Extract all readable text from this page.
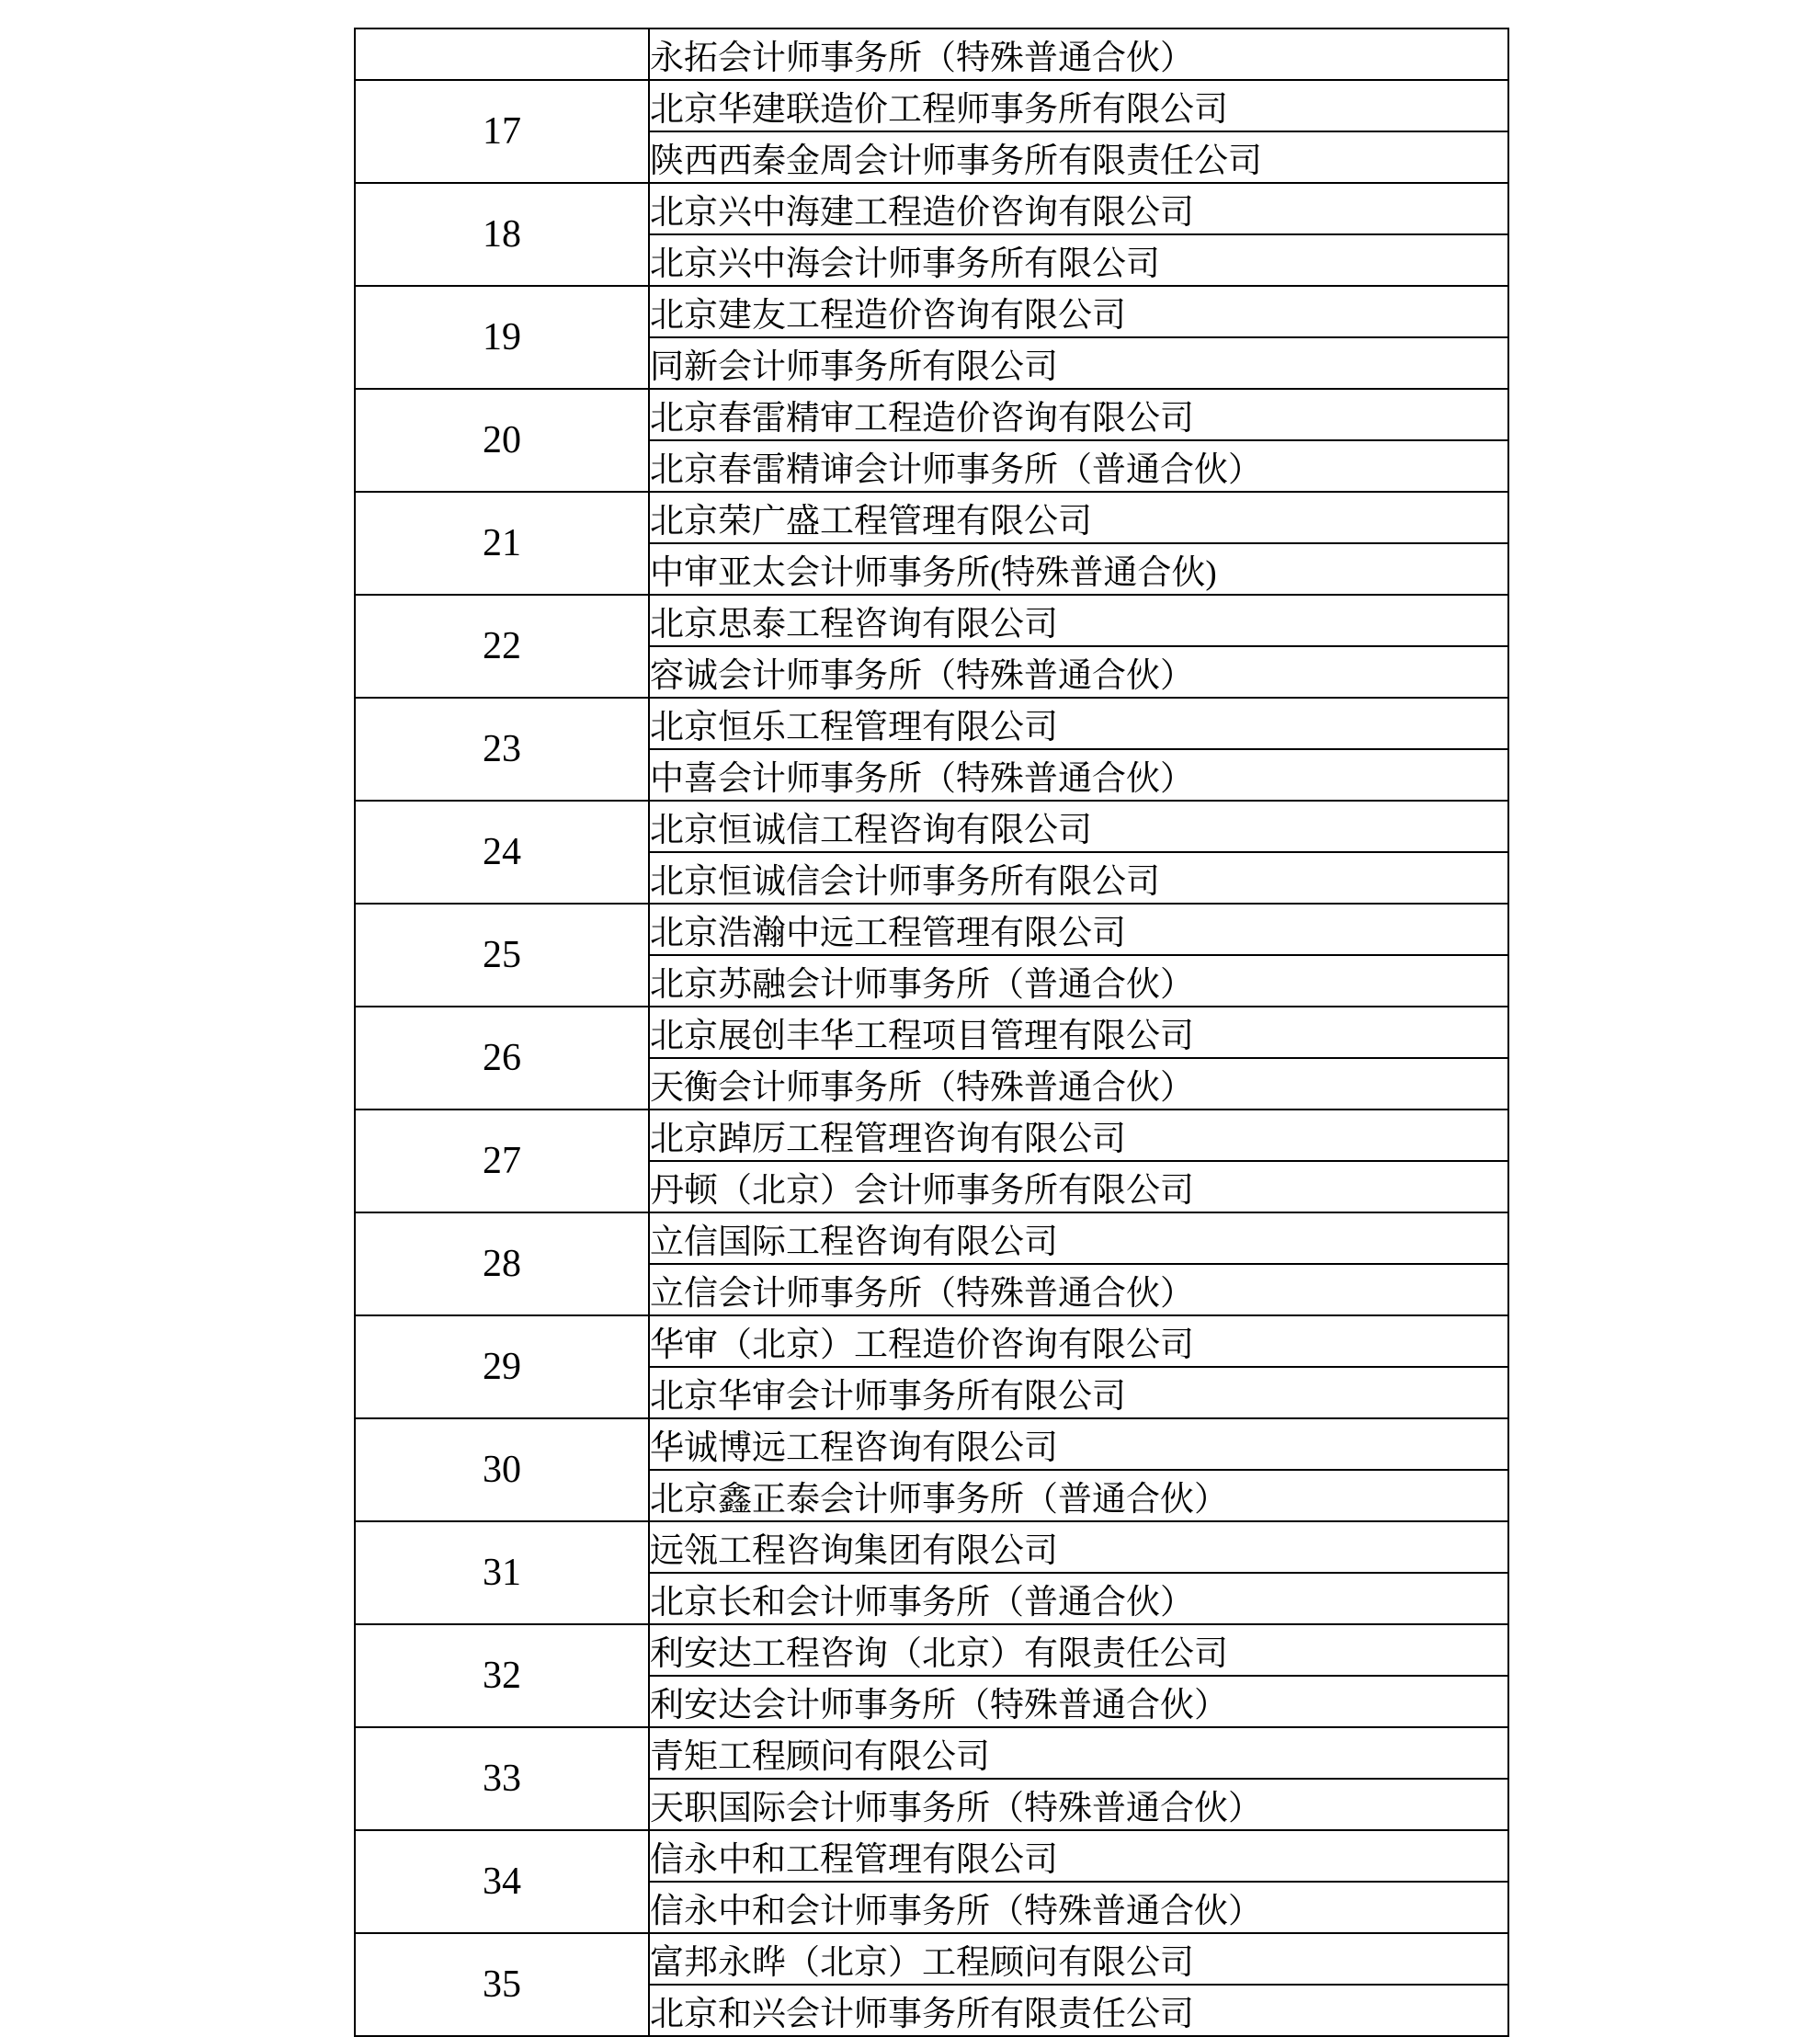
	永拓会计师事务所（特殊普通合伙）
17	北京华建联造价工程师事务所有限公司
	陕西西秦金周会计师事务所有限责任公司
18	北京兴中海建工程造价咨询有限公司
	北京兴中海会计师事务所有限公司
19	北京建友工程造价咨询有限公司
	同新会计师事务所有限公司
20	北京春雷精审工程造价咨询有限公司
	北京春雷精谉会计师事务所（普通合伙）
21	北京荣广盛工程管理有限公司
	中审亚太会计师事务所(特殊普通合伙)
22	北京思泰工程咨询有限公司
	容诚会计师事务所（特殊普通合伙）
23	北京恒乐工程管理有限公司
	中喜会计师事务所（特殊普通合伙）
24	北京恒诚信工程咨询有限公司
	北京恒诚信会计师事务所有限公司
25	北京浩瀚中远工程管理有限公司
	北京苏融会计师事务所（普通合伙）
26	北京展创丰华工程项目管理有限公司
	天衡会计师事务所（特殊普通合伙）
27	北京踔厉工程管理咨询有限公司
	丹顿（北京）会计师事务所有限公司
28	立信国际工程咨询有限公司
	立信会计师事务所（特殊普通合伙）
29	华审（北京）工程造价咨询有限公司
	北京华审会计师事务所有限公司
30	华诚博远工程咨询有限公司
	北京鑫正泰会计师事务所（普通合伙）
31	远瓴工程咨询集团有限公司
	北京长和会计师事务所（普通合伙）
32	利安达工程咨询（北京）有限责任公司
	利安达会计师事务所（特殊普通合伙）
33	青矩工程顾问有限公司
	天职国际会计师事务所（特殊普通合伙）
34	信永中和工程管理有限公司
	信永中和会计师事务所（特殊普通合伙）
35	富邦永晔（北京）工程顾问有限公司
	北京和兴会计师事务所有限责任公司
